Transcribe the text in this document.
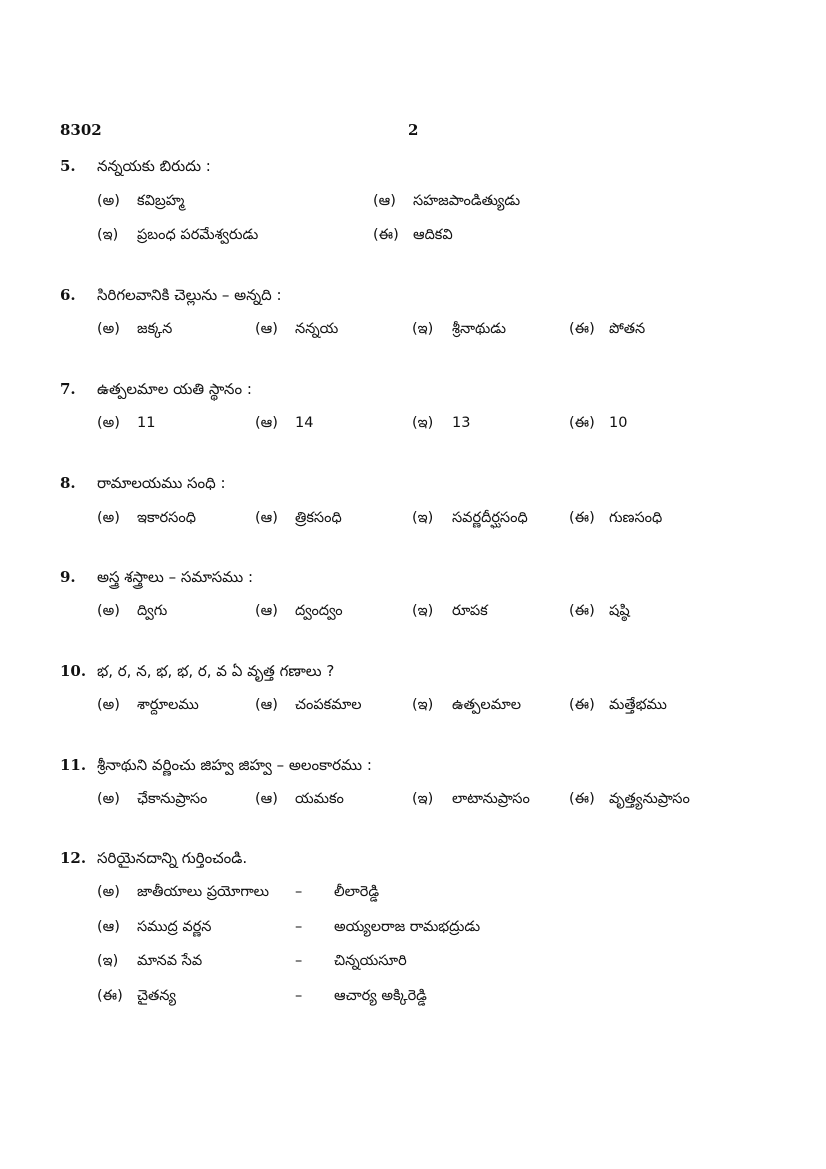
8302	2
5. నన్నయకు బిరుదు :
(అ) కవిబ్రహ్మ	(ఆ) సహజపాండిత్యుడు
(ఇ) ప్రబంధ పరమేశ్వరుడు	(ఈ) ఆదికవి
6. సిరిగలవానికి చెల్లును – అన్నది :
(అ) జక్కన	(ఆ) నన్నయ	(ఇ) శ్రీనాథుడు	(ఈ) పోతన
7. ఉత్పలమాల యతి స్థానం :
(అ) 11	(ఆ) 14	(ఇ) 13	(ఈ) 10
8. రామాలయము సంధి :
(అ) ఇకారసంధి	(ఆ) త్రికసంధి	(ఇ) సవర్ణదీర్ఘసంధి	(ఈ) గుణసంధి
9. అస్త్ర శస్త్రాలు – సమాసము :
(అ) ద్విగు	(ఆ) ద్వంద్వం	(ఇ) రూపక	(ఈ) షష్ఠి
10. భ, ర, న, భ, భ, ర, వ ఏ వృత్త గణాలు ?
(అ) శార్దూలము	(ఆ) చంపకమాల	(ఇ) ఉత్పలమాల	(ఈ) మత్తేభము
11. శ్రీనాథుని వర్ణించు జిహ్వ జిహ్వ – అలంకారము :
(అ) ఛేకానుప్రాసం	(ఆ) యమకం	(ఇ) లాటానుప్రాసం	(ఈ) వృత్త్యనుప్రాసం
12. సరియైనదాన్ని గుర్తించండి.
(అ) జాతీయాలు ప్రయోగాలు – లీలారెడ్డి
(ఆ) సముద్ర వర్ణన	– అయ్యలరాజ రామభద్రుడు
(ఇ) మానవ సేవ	– చిన్నయసూరి
(ఈ) చైతన్య	– ఆచార్య అక్కిరెడ్డి
